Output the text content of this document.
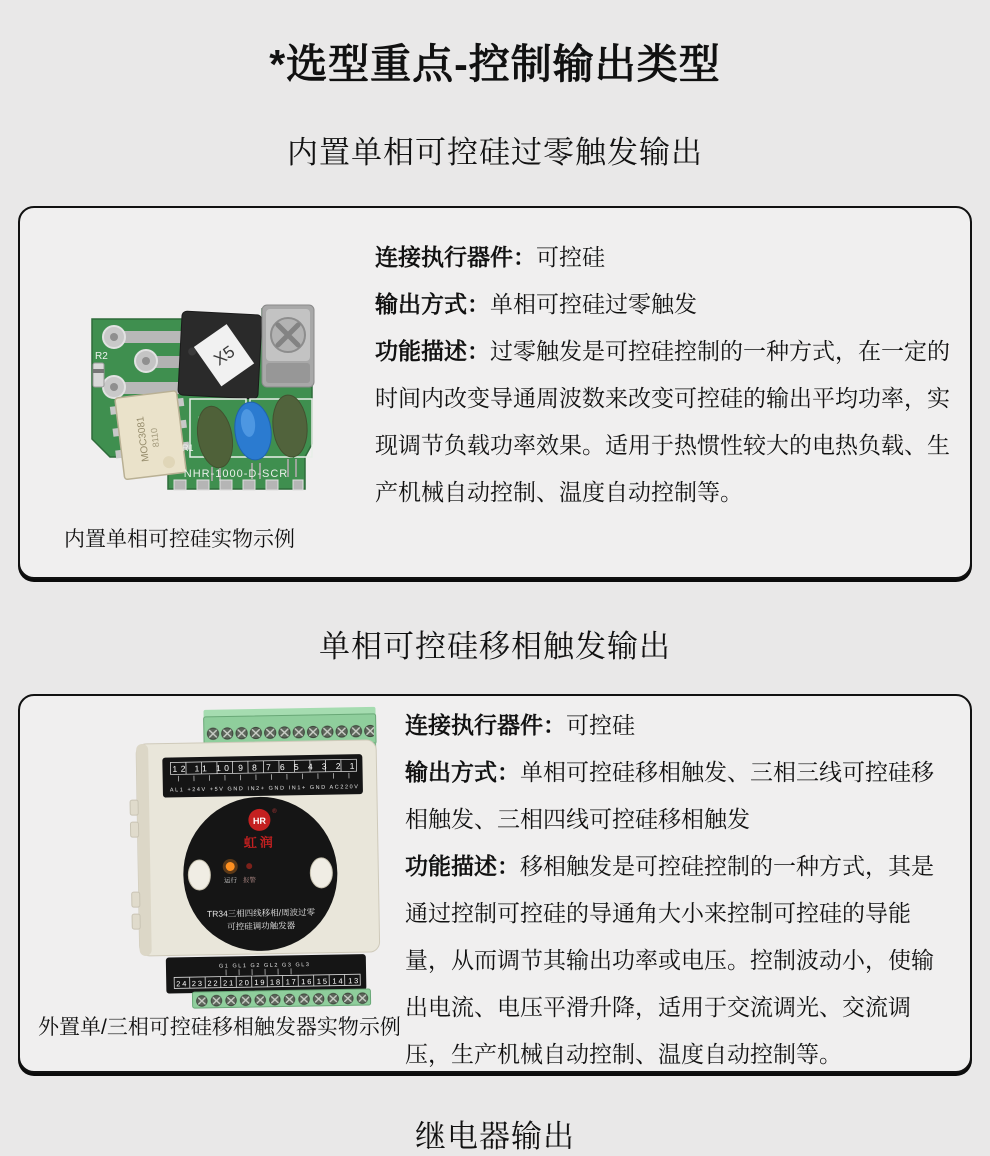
*选型重点-控制输出类型
内置单相可控硅过零触发输出
R2
MOC3081
8110
X5
R1
NHR-1000-D-SCR
内置单相可控硅实物示例

连接执行器件：可控硅

输出方式：单相可控硅过零触发

功能描述：过零触发是可控硅控制的一种方式，在一定的时间内改变导通周波数来改变可控硅的输出平均功率，实现调节负载功率效果。适用于热惯性较大的电热负载、生产机械自动控制、温度自动控制等。

单相可控硅移相触发输出
12 11 10 9 8 7 6 5 4 3 2 1
AL1 +24V +5V GND IN2+ GND IN1+ GND AC220V
HR
®
虹润
运行 报警
TR34三相四线移相/周波过零
可控硅调功触发器
G1 GL1 G2 GL2 G3 GL3
24 23 22 21 20 19 18 17 16 15 14 13
外置单/三相可控硅移相触发器实物示例

连接执行器件：可控硅

输出方式：单相可控硅移相触发、三相三线可控硅移相触发、三相四线可控硅移相触发

功能描述：移相触发是可控硅控制的一种方式，其是通过控制可控硅的导通角大小来控制可控硅的导能量，从而调节其输出功率或电压。控制波动小，使输出电流、电压平滑升降，适用于交流调光、交流调压，生产机械自动控制、温度自动控制等。

继电器输出
